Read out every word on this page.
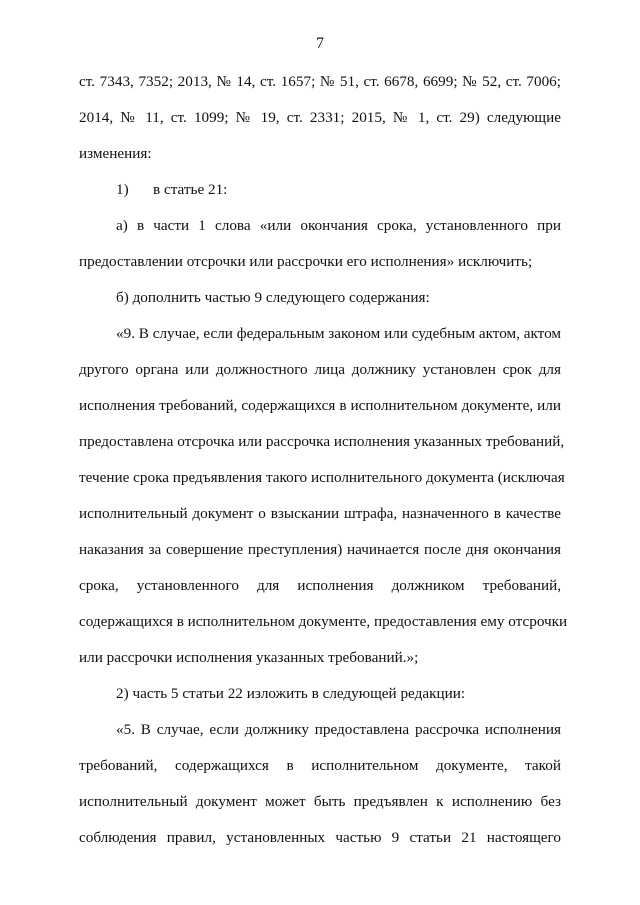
7
ст. 7343, 7352; 2013, № 14, ст. 1657; № 51, ст. 6678, 6699; № 52, ст. 7006;
2014, № 11, ст. 1099; № 19, ст. 2331; 2015, № 1, ст. 29) следующие
изменения:
1) в статье 21:
а) в части 1 слова «или окончания срока, установленного при
предоставлении отсрочки или рассрочки его исполнения» исключить;
б) дополнить частью 9 следующего содержания:
«9. В случае, если федеральным законом или судебным актом, актом
другого органа или должностного лица должнику установлен срок для
исполнения требований, содержащихся в исполнительном документе, или
предоставлена отсрочка или рассрочка исполнения указанных требований,
течение срока предъявления такого исполнительного документа (исключая
исполнительный документ о взыскании штрафа, назначенного в качестве
наказания за совершение преступления) начинается после дня окончания
срока, установленного для исполнения должником требований,
содержащихся в исполнительном документе, предоставления ему отсрочки
или рассрочки исполнения указанных требований.»;
2) часть 5 статьи 22 изложить в следующей редакции:
«5. В случае, если должнику предоставлена рассрочка исполнения
требований, содержащихся в исполнительном документе, такой
исполнительный документ может быть предъявлен к исполнению без
соблюдения правил, установленных частью 9 статьи 21 настоящего
